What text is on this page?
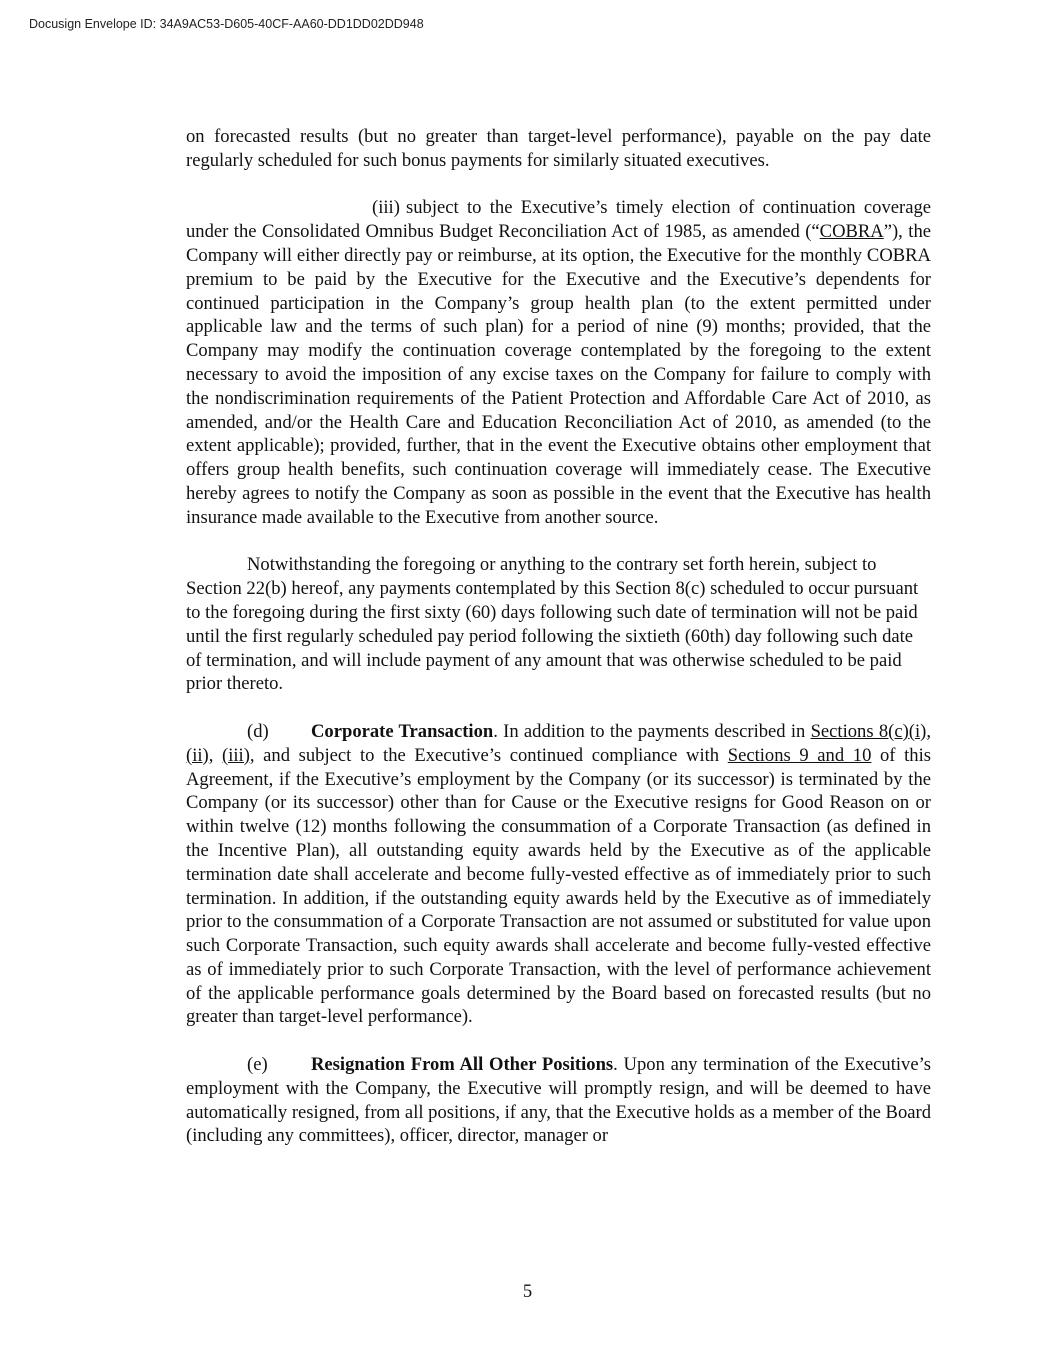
Docusign Envelope ID: 34A9AC53-D605-40CF-AA60-DD1DD02DD948

on forecasted results (but no greater than target-level performance), payable on the pay date regularly scheduled for such bonus payments for similarly situated executives.

(iii) subject to the Executive’s timely election of continuation coverage under the Consolidated Omnibus Budget Reconciliation Act of 1985, as amended (“COBRA”), the Company will either directly pay or reimburse, at its option, the Executive for the monthly COBRA premium to be paid by the Executive for the Executive and the Executive’s dependents for continued participation in the Company’s group health plan (to the extent permitted under applicable law and the terms of such plan) for a period of nine (9) months; provided, that the Company may modify the continuation coverage contemplated by the foregoing to the extent necessary to avoid the imposition of any excise taxes on the Company for failure to comply with the nondiscrimination requirements of the Patient Protection and Affordable Care Act of 2010, as amended, and/or the Health Care and Education Reconciliation Act of 2010, as amended (to the extent applicable); provided, further, that in the event the Executive obtains other employment that offers group health benefits, such continuation coverage will immediately cease. The Executive hereby agrees to notify the Company as soon as possible in the event that the Executive has health insurance made available to the Executive from another source.

Notwithstanding the foregoing or anything to the contrary set forth herein, subject to Section 22(b) hereof, any payments contemplated by this Section 8(c) scheduled to occur pursuant to the foregoing during the first sixty (60) days following such date of termination will not be paid until the first regularly scheduled pay period following the sixtieth (60th) day following such date of termination, and will include payment of any amount that was otherwise scheduled to be paid prior thereto.

(d) Corporate Transaction. In addition to the payments described in Sections 8(c)(i), (ii), (iii), and subject to the Executive’s continued compliance with Sections 9 and 10 of this Agreement, if the Executive’s employment by the Company (or its successor) is terminated by the Company (or its successor) other than for Cause or the Executive resigns for Good Reason on or within twelve (12) months following the consummation of a Corporate Transaction (as defined in the Incentive Plan), all outstanding equity awards held by the Executive as of the applicable termination date shall accelerate and become fully-vested effective as of immediately prior to such termination. In addition, if the outstanding equity awards held by the Executive as of immediately prior to the consummation of a Corporate Transaction are not assumed or substituted for value upon such Corporate Transaction, such equity awards shall accelerate and become fully-vested effective as of immediately prior to such Corporate Transaction, with the level of performance achievement of the applicable performance goals determined by the Board based on forecasted results (but no greater than target-level performance).

(e) Resignation From All Other Positions. Upon any termination of the Executive’s employment with the Company, the Executive will promptly resign, and will be deemed to have automatically resigned, from all positions, if any, that the Executive holds as a member of the Board (including any committees), officer, director, manager or

5
